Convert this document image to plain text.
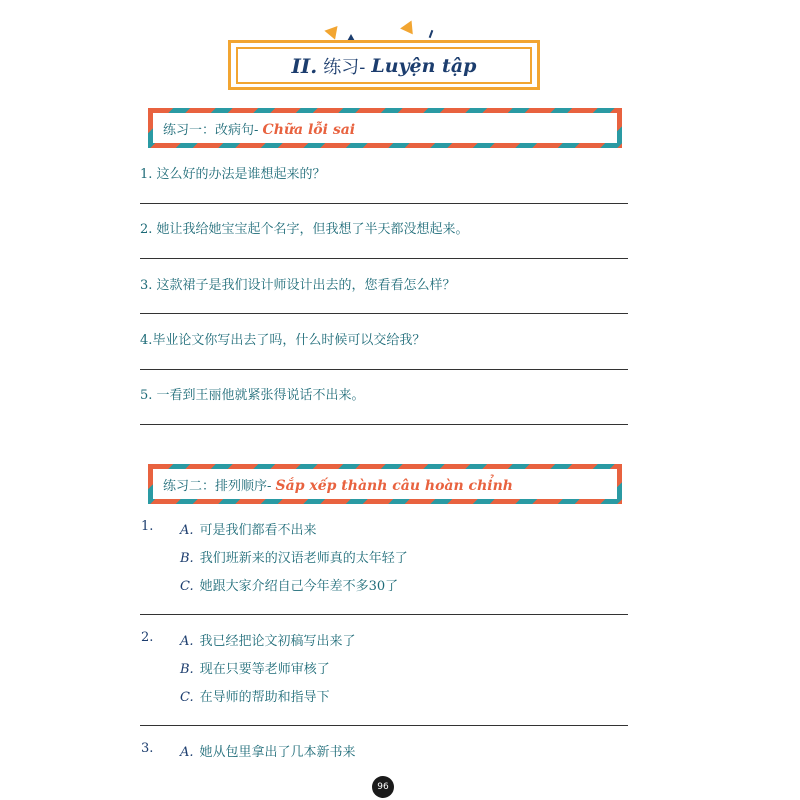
II. 练习- Luyện tập
练习一：改病句- Chữa lỗi sai
1. 这么好的办法是谁想起来的？
2. 她让我给她宝宝起个名字，但我想了半天都没想起来。
3. 这款裙子是我们设计师设计出去的，您看看怎么样？
4.毕业论文你写出去了吗，什么时候可以交给我？
5. 一看到王丽他就紧张得说话不出来。
练习二：排列顺序- Sắp xếp thành câu hoàn chỉnh
1. A. 可是我们都看不出来
B. 我们班新来的汉语老师真的太年轻了
C. 她跟大家介绍自己今年差不多30了
2. A. 我已经把论文初稿写出来了
B. 现在只要等老师审核了
C. 在导师的帮助和指导下
3. A. 她从包里拿出了几本新书来
96
